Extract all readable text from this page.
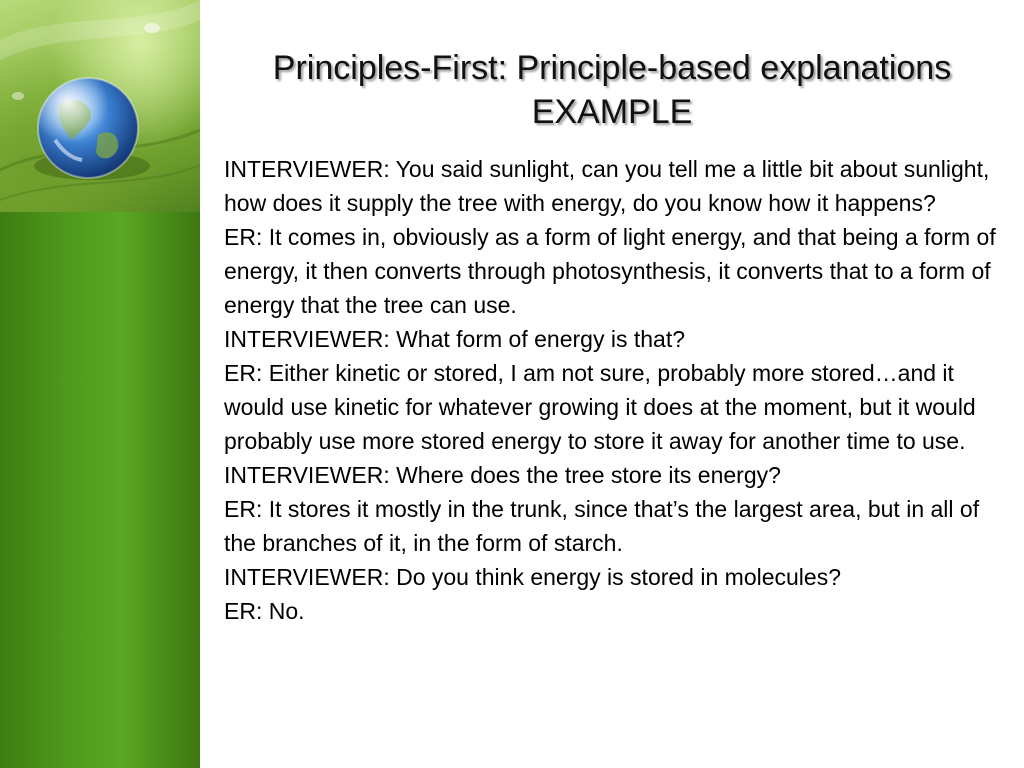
Principles-First: Principle-based explanations
EXAMPLE

INTERVIEWER: You said sunlight, can you tell me a little bit about sunlight, how does it supply the tree with energy, do you know how it happens?

ER: It comes in, obviously as a form of light energy, and that being a form of energy, it then converts through photosynthesis, it converts that to a form of energy that the tree can use.

INTERVIEWER: What form of energy is that?

ER: Either kinetic or stored, I am not sure, probably more stored…and it would use kinetic for whatever growing it does at the moment, but it would probably use more stored energy to store it away for another time to use.

INTERVIEWER: Where does the tree store its energy?

ER: It stores it mostly in the trunk, since that’s the largest area, but in all of the branches of it, in the form of starch.

INTERVIEWER: Do you think energy is stored in molecules?

ER: No.
